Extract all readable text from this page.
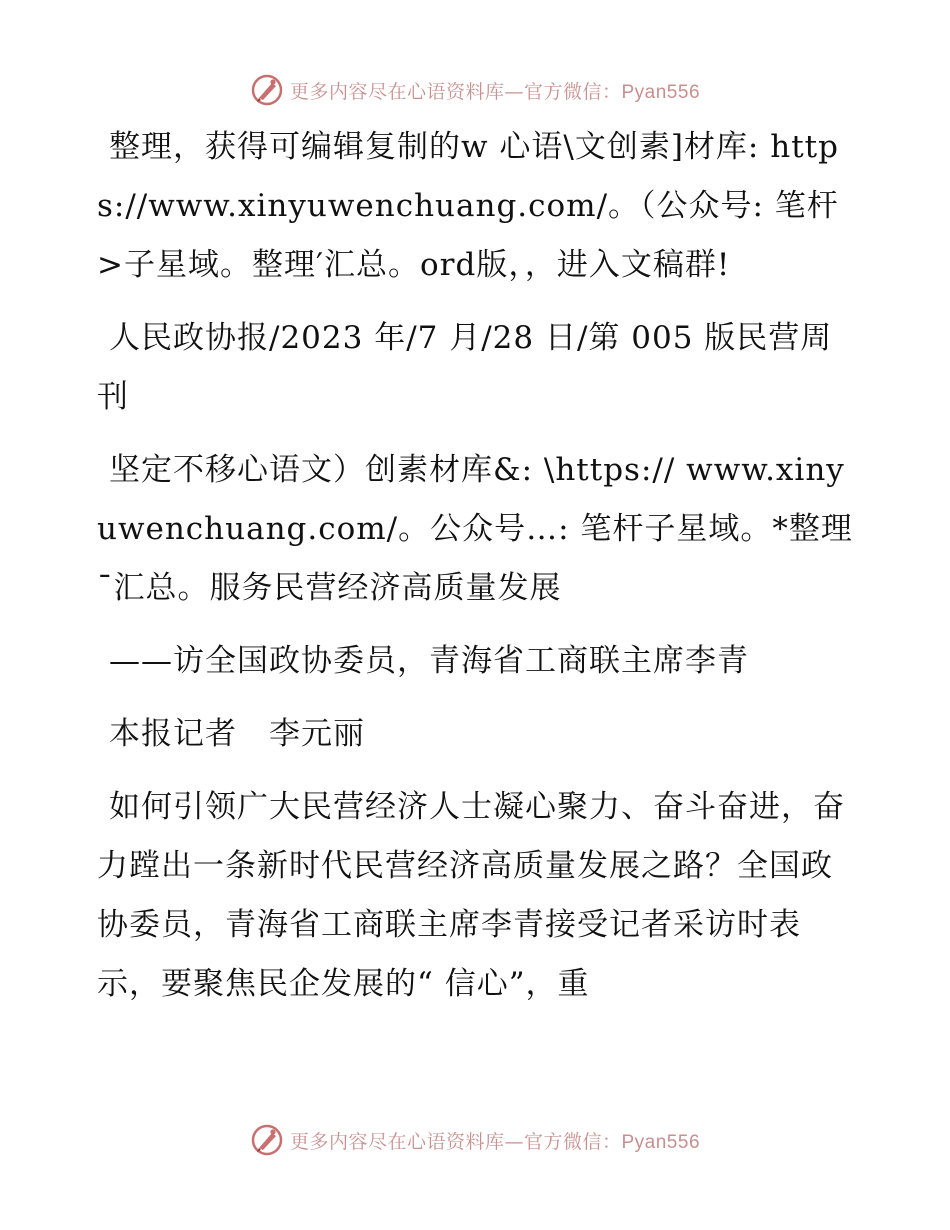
更多内容尽在心语资料库—官方微信：Pyan556

整理，获得可编辑复制的w 心语\文创素]材库: https://www.xinyuwenchuang.com/。（公众号: 笔杆>子星域。整理′汇总。ord版，，进入文稿群!

人民政协报/2023 年/7 月/28 日/第 005 版民营周刊

坚定不移心语文）创素材库&: \https:// www.xinyuwenchuang.com/。公众号…: 笔杆子星域。*整理¯汇总。服务民营经济高质量发展

——访全国政协委员，青海省工商联主席李青

本报记者　李元丽

如何引领广大民营经济人士凝心聚力、奋斗奋进，奋力蹚出一条新时代民营经济高质量发展之路？全国政协委员，青海省工商联主席李青接受记者采访时表示，要聚焦民企发展的“ 信心”，重

更多内容尽在心语资料库—官方微信：Pyan556
